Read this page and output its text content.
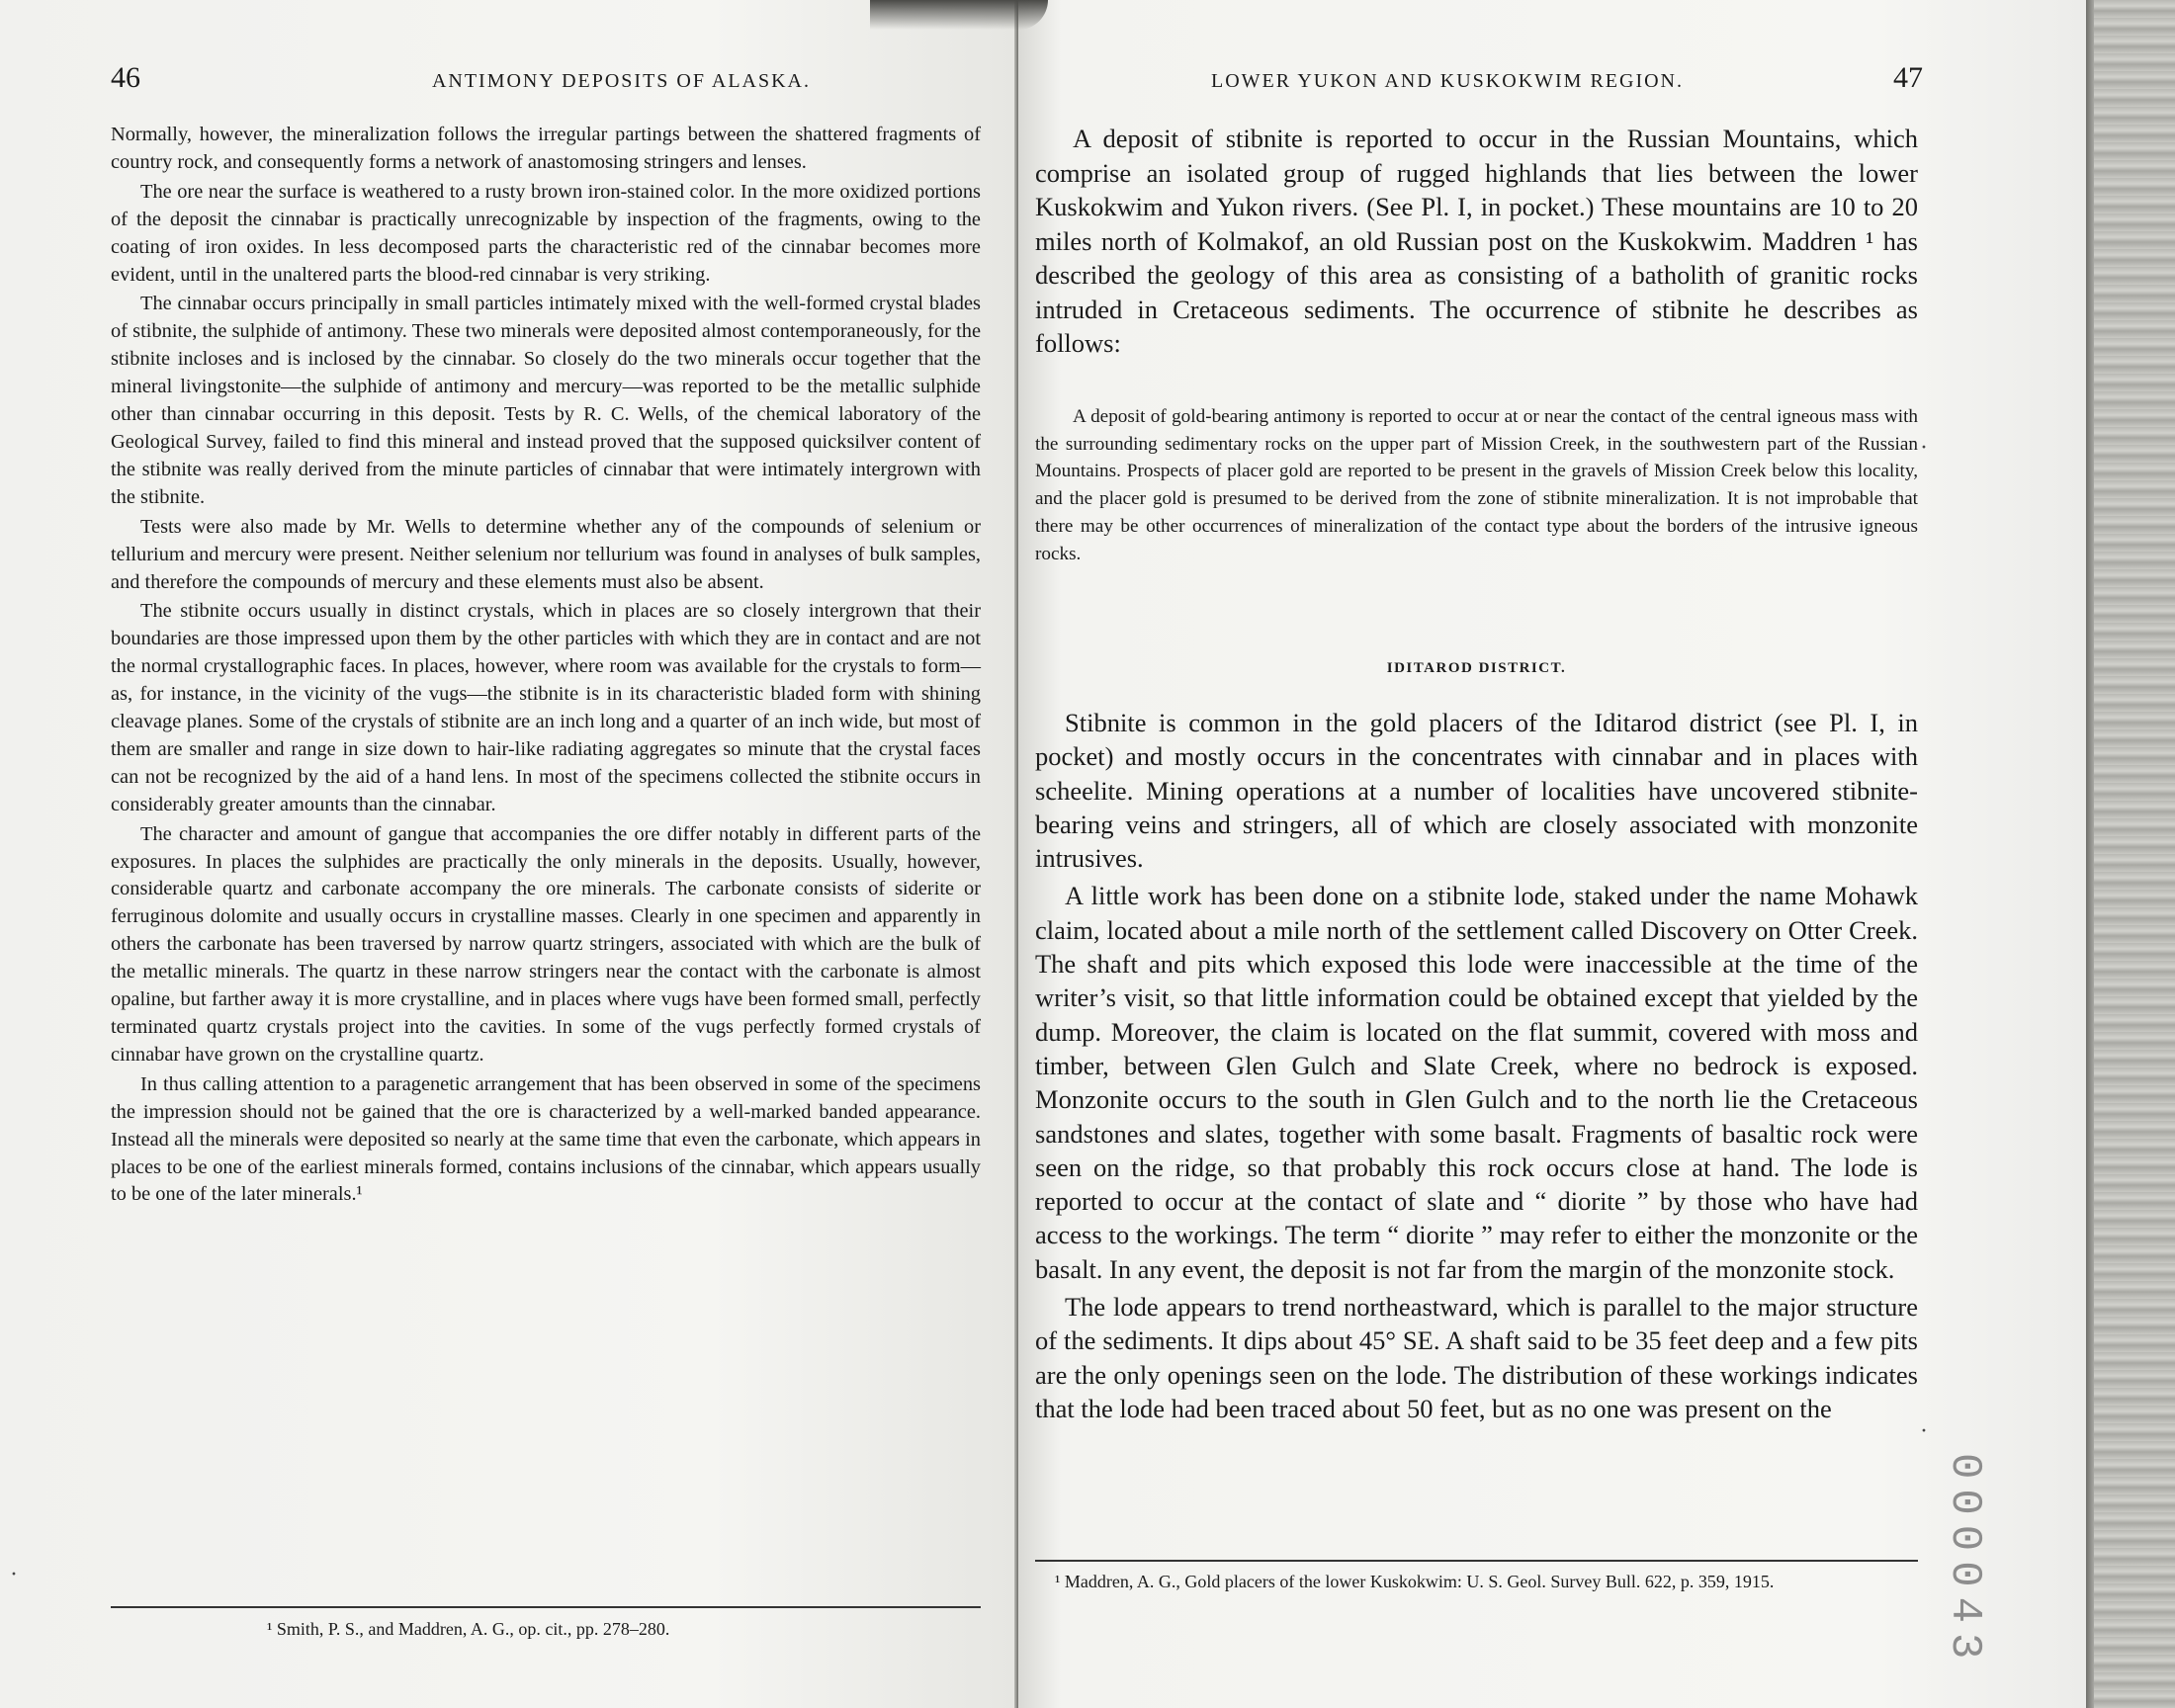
46	ANTIMONY DEPOSITS OF ALASKA.

Normally, however, the mineralization follows the irregular partings between the shattered fragments of country rock, and consequently forms a network of anastomosing stringers and lenses.

The ore near the surface is weathered to a rusty brown iron-stained color. In the more oxidized portions of the deposit the cinnabar is practically unrecognizable by inspection of the fragments, owing to the coating of iron oxides. In less decomposed parts the characteristic red of the cinnabar becomes more evident, until in the unaltered parts the blood-red cinnabar is very striking.

The cinnabar occurs principally in small particles intimately mixed with the well-formed crystal blades of stibnite, the sulphide of antimony. These two minerals were deposited almost contemporaneously, for the stibnite incloses and is inclosed by the cinnabar. So closely do the two minerals occur together that the mineral livingstonite—the sulphide of antimony and mercury—was reported to be the metallic sulphide other than cinnabar occurring in this deposit. Tests by R. C. Wells, of the chemical laboratory of the Geological Survey, failed to find this mineral and instead proved that the supposed quicksilver content of the stibnite was really derived from the minute particles of cinnabar that were intimately intergrown with the stibnite.

Tests were also made by Mr. Wells to determine whether any of the compounds of selenium or tellurium and mercury were present. Neither selenium nor tellurium was found in analyses of bulk samples, and therefore the compounds of mercury and these elements must also be absent.

The stibnite occurs usually in distinct crystals, which in places are so closely intergrown that their boundaries are those impressed upon them by the other particles with which they are in contact and are not the normal crystallographic faces. In places, however, where room was available for the crystals to form—as, for instance, in the vicinity of the vugs—the stibnite is in its characteristic bladed form with shining cleavage planes. Some of the crystals of stibnite are an inch long and a quarter of an inch wide, but most of them are smaller and range in size down to hair-like radiating aggregates so minute that the crystal faces can not be recognized by the aid of a hand lens. In most of the specimens collected the stibnite occurs in considerably greater amounts than the cinnabar.

The character and amount of gangue that accompanies the ore differ notably in different parts of the exposures. In places the sulphides are practically the only minerals in the deposits. Usually, however, considerable quartz and carbonate accompany the ore minerals. The carbonate consists of siderite or ferruginous dolomite and usually occurs in crystalline masses. Clearly in one specimen and apparently in others the carbonate has been traversed by narrow quartz stringers, associated with which are the bulk of the metallic minerals. The quartz in these narrow stringers near the contact with the carbonate is almost opaline, but farther away it is more crystalline, and in places where vugs have been formed small, perfectly terminated quartz crystals project into the cavities. In some of the vugs perfectly formed crystals of cinnabar have grown on the crystalline quartz.

In thus calling attention to a paragenetic arrangement that has been observed in some of the specimens the impression should not be gained that the ore is characterized by a well-marked banded appearance. Instead all the minerals were deposited so nearly at the same time that even the carbonate, which appears in places to be one of the earliest minerals formed, contains inclusions of the cinnabar, which appears usually to be one of the later minerals.¹

¹ Smith, P. S., and Maddren, A. G., op. cit., pp. 278–280.
LOWER YUKON AND KUSKOKWIM REGION.	47

A deposit of stibnite is reported to occur in the Russian Mountains, which comprise an isolated group of rugged highlands that lies between the lower Kuskokwim and Yukon rivers. (See Pl. I, in pocket.) These mountains are 10 to 20 miles north of Kolmakof, an old Russian post on the Kuskokwim. Maddren ¹ has described the geology of this area as consisting of a batholith of granitic rocks intruded in Cretaceous sediments. The occurrence of stibnite he describes as follows:

A deposit of gold-bearing antimony is reported to occur at or near the contact of the central igneous mass with the surrounding sedimentary rocks on the upper part of Mission Creek, in the southwestern part of the Russian Mountains. Prospects of placer gold are reported to be present in the gravels of Mission Creek below this locality, and the placer gold is presumed to be derived from the zone of stibnite mineralization. It is not improbable that there may be other occurrences of mineralization of the contact type about the borders of the intrusive igneous rocks.

IDITAROD DISTRICT.

Stibnite is common in the gold placers of the Iditarod district (see Pl. I, in pocket) and mostly occurs in the concentrates with cinnabar and in places with scheelite. Mining operations at a number of localities have uncovered stibnite-bearing veins and stringers, all of which are closely associated with monzonite intrusives.

A little work has been done on a stibnite lode, staked under the name Mohawk claim, located about a mile north of the settlement called Discovery on Otter Creek. The shaft and pits which exposed this lode were inaccessible at the time of the writer’s visit, so that little information could be obtained except that yielded by the dump. Moreover, the claim is located on the flat summit, covered with moss and timber, between Glen Gulch and Slate Creek, where no bedrock is exposed. Monzonite occurs to the south in Glen Gulch and to the north lie the Cretaceous sandstones and slates, together with some basalt. Fragments of basaltic rock were seen on the ridge, so that probably this rock occurs close at hand. The lode is reported to occur at the contact of slate and “ diorite ” by those who have had access to the workings. The term “ diorite ” may refer to either the monzonite or the basalt. In any event, the deposit is not far from the margin of the monzonite stock.

The lode appears to trend northeastward, which is parallel to the major structure of the sediments. It dips about 45° SE. A shaft said to be 35 feet deep and a few pits are the only openings seen on the lode. The distribution of these workings indicates that the lode had been traced about 50 feet, but as no one was present on the

¹ Maddren, A. G., Gold placers of the lower Kuskokwim: U. S. Geol. Survey Bull. 622, p. 359, 1915.	000043
·
·
·
